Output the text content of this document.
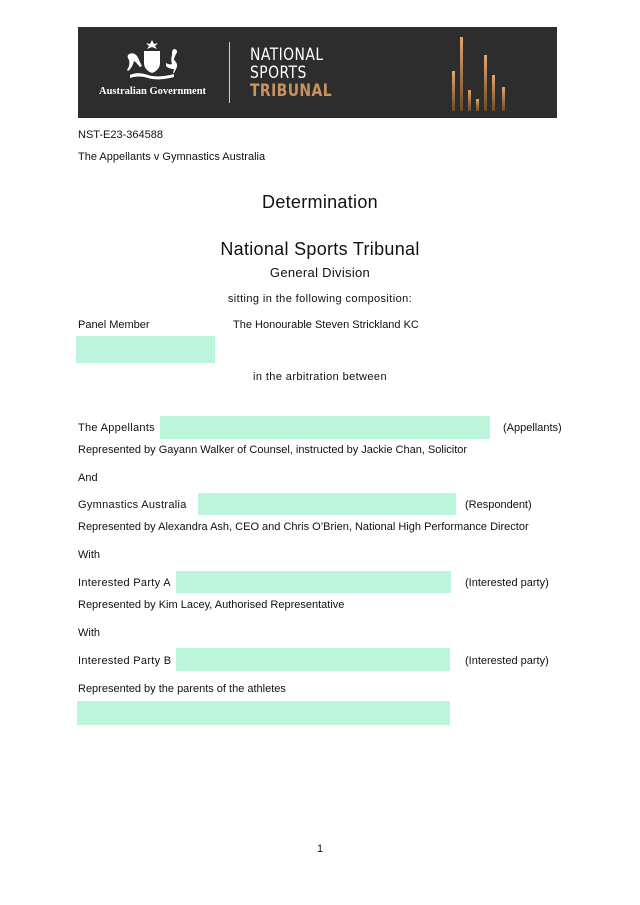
Australian Government
NATIONAL
SPORTS
TRIBUNAL
NST-E23-364588
The Appellants v Gymnastics Australia
Determination
National Sports Tribunal
General Division
sitting in the following composition:
Panel Member	The Honourable Steven Strickland KC
in the arbitration between
The Appellants	(Appellants)
Represented by Gayann Walker of Counsel, instructed by Jackie Chan, Solicitor
And
Gymnastics Australia	(Respondent)
Represented by Alexandra Ash, CEO and Chris O’Brien, National High Performance Director
With
Interested Party A	(Interested party)
Represented by Kim Lacey, Authorised Representative
With
Interested Party B	(Interested party)
Represented by the parents of the athletes
1
